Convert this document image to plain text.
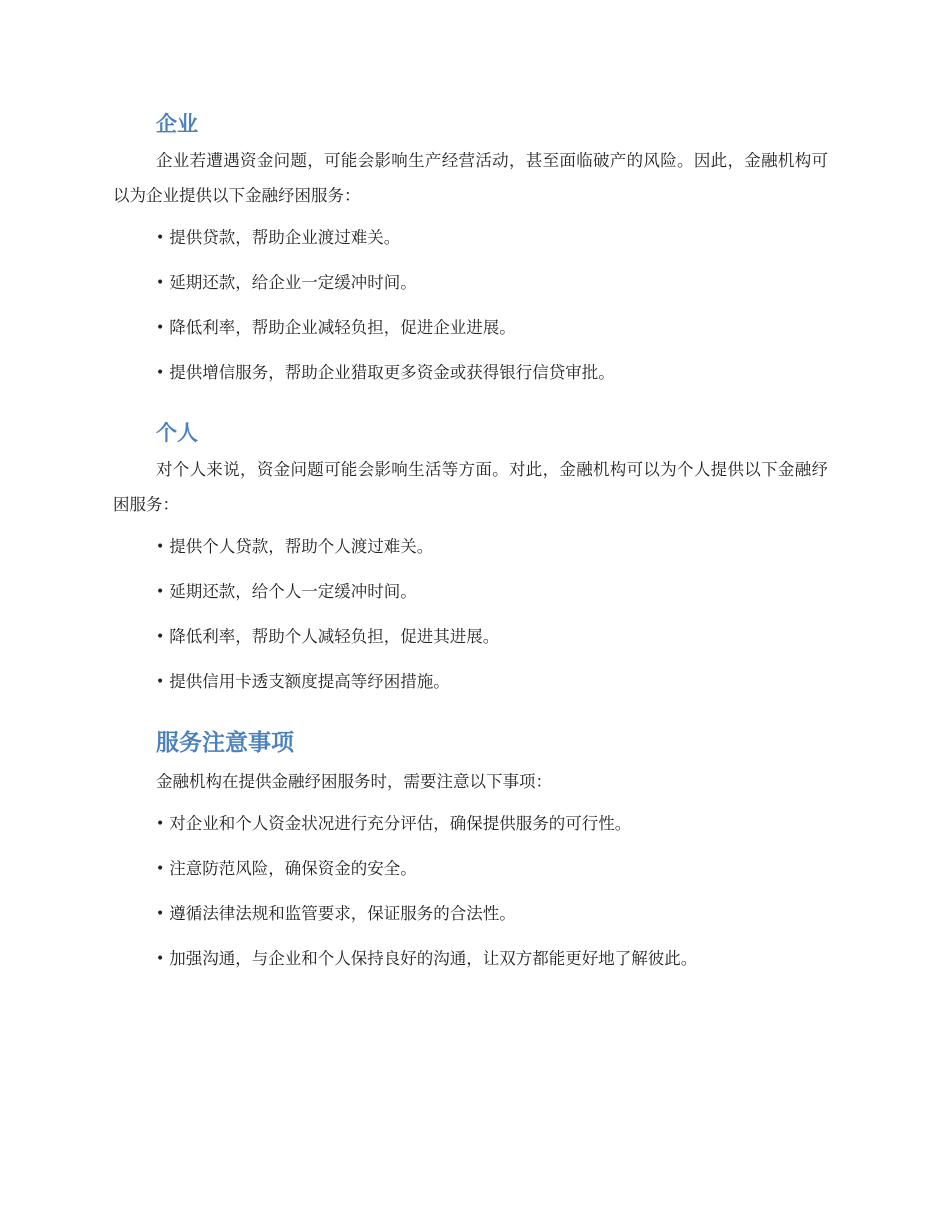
企业

企业若遭遇资金问题，可能会影响生产经营活动，甚至面临破产的风险。因此，金融机构可以为企业提供以下金融纾困服务：

• 提供贷款，帮助企业渡过难关。
• 延期还款，给企业一定缓冲时间。
• 降低利率，帮助企业减轻负担，促进企业进展。
• 提供增信服务，帮助企业猎取更多资金或获得银行信贷审批。
个人

对个人来说，资金问题可能会影响生活等方面。对此，金融机构可以为个人提供以下金融纾困服务：

• 提供个人贷款，帮助个人渡过难关。
• 延期还款，给个人一定缓冲时间。
• 降低利率，帮助个人减轻负担，促进其进展。
• 提供信用卡透支额度提高等纾困措施。
服务注意事项

金融机构在提供金融纾困服务时，需要注意以下事项：

• 对企业和个人资金状况进行充分评估，确保提供服务的可行性。
• 注意防范风险，确保资金的安全。
• 遵循法律法规和监管要求，保证服务的合法性。
• 加强沟通，与企业和个人保持良好的沟通，让双方都能更好地了解彼此。
